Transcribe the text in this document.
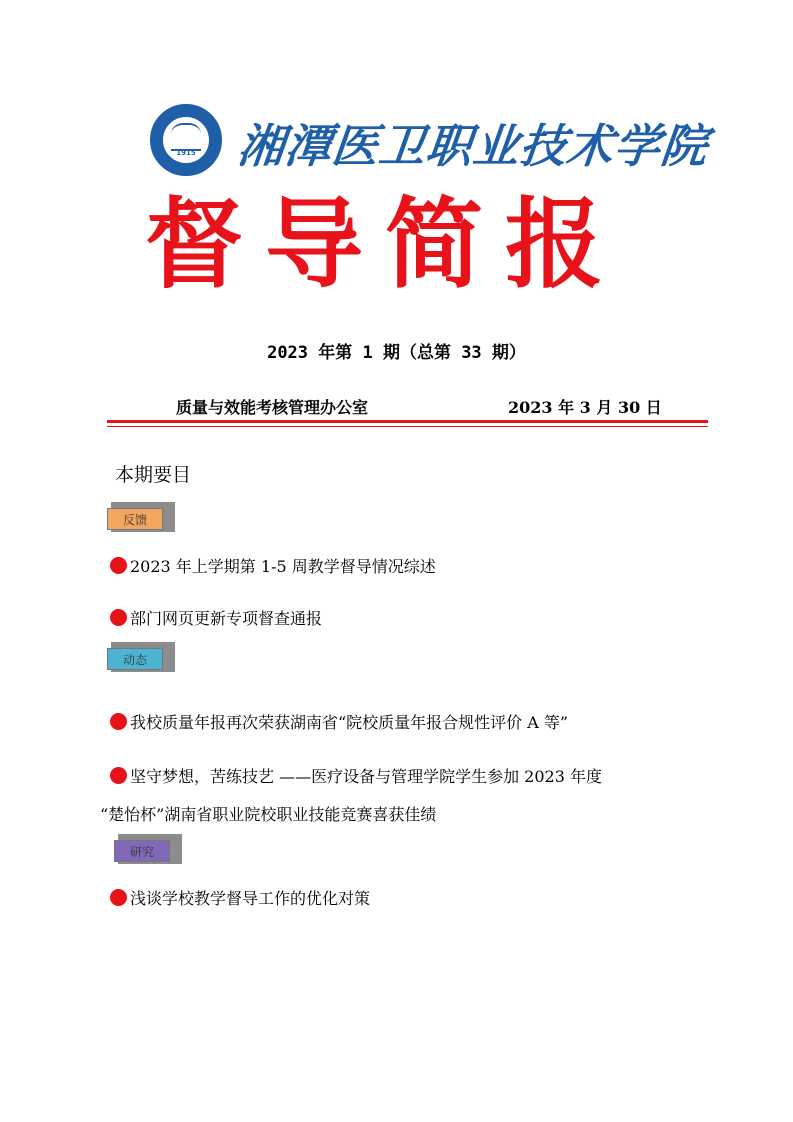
1915 湘潭医卫职业技术学院
督导简报
2023 年第 1 期（总第 33 期）
质量与效能考核管理办公室	2023 年 3 月 30 日
本期要目
反馈
2023 年上学期第 1-5 周教学督导情况综述
部门网页更新专项督查通报
动态
我校质量年报再次荣获湖南省“院校质量年报合规性评价 A 等”
坚守梦想，苦练技艺 ——医疗设备与管理学院学生参加 2023 年度
“楚怡杯”湖南省职业院校职业技能竞赛喜获佳绩
研究
浅谈学校教学督导工作的优化对策
